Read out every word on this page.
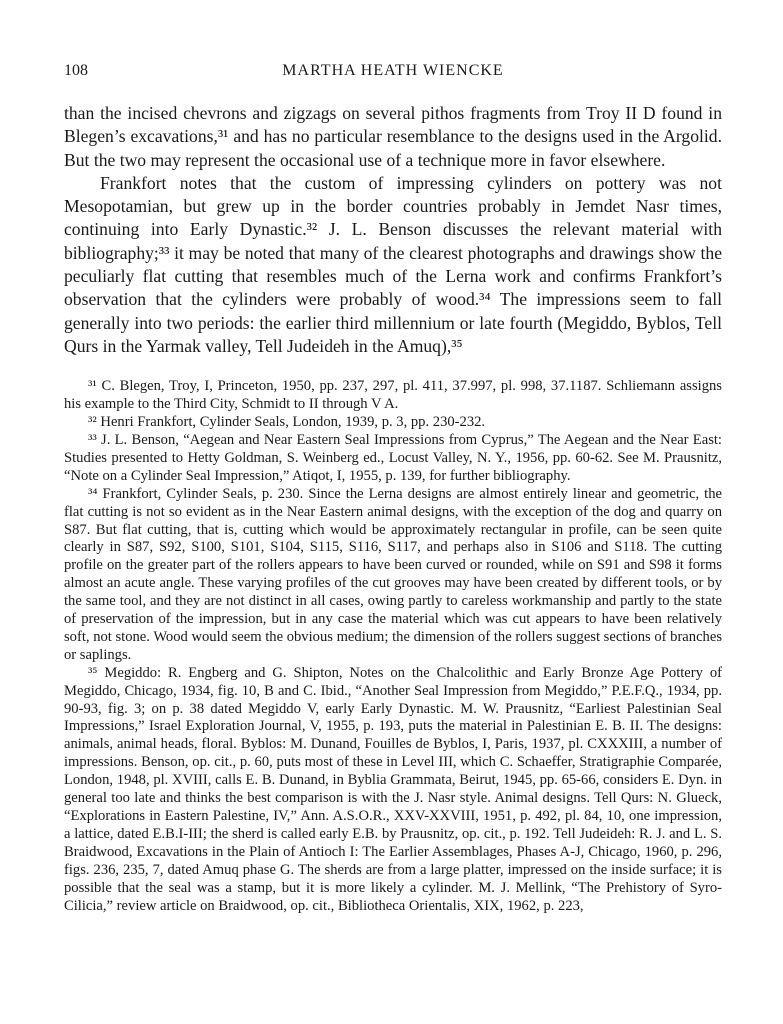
108	MARTHA HEATH WIENCKE

than the incised chevrons and zigzags on several pithos fragments from Troy II D found in Blegen’s excavations,³¹ and has no particular resemblance to the designs used in the Argolid. But the two may represent the occasional use of a technique more in favor elsewhere.

Frankfort notes that the custom of impressing cylinders on pottery was not Mesopotamian, but grew up in the border countries probably in Jemdet Nasr times, continuing into Early Dynastic.³² J. L. Benson discusses the relevant material with bibliography;³³ it may be noted that many of the clearest photographs and drawings show the peculiarly flat cutting that resembles much of the Lerna work and confirms Frankfort’s observation that the cylinders were probably of wood.³⁴ The impressions seem to fall generally into two periods: the earlier third millennium or late fourth (Megiddo, Byblos, Tell Qurs in the Yarmak valley, Tell Judeideh in the Amuq),³⁵

³¹ C. Blegen, Troy, I, Princeton, 1950, pp. 237, 297, pl. 411, 37.997, pl. 998, 37.1187. Schliemann assigns his example to the Third City, Schmidt to II through V A.

³² Henri Frankfort, Cylinder Seals, London, 1939, p. 3, pp. 230-232.

³³ J. L. Benson, “Aegean and Near Eastern Seal Impressions from Cyprus,” The Aegean and the Near East: Studies presented to Hetty Goldman, S. Weinberg ed., Locust Valley, N. Y., 1956, pp. 60-62. See M. Prausnitz, “Note on a Cylinder Seal Impression,” Atiqot, I, 1955, p. 139, for further bibliography.

³⁴ Frankfort, Cylinder Seals, p. 230. Since the Lerna designs are almost entirely linear and geometric, the flat cutting is not so evident as in the Near Eastern animal designs, with the exception of the dog and quarry on S87. But flat cutting, that is, cutting which would be approximately rectangular in profile, can be seen quite clearly in S87, S92, S100, S101, S104, S115, S116, S117, and perhaps also in S106 and S118. The cutting profile on the greater part of the rollers appears to have been curved or rounded, while on S91 and S98 it forms almost an acute angle. These varying profiles of the cut grooves may have been created by different tools, or by the same tool, and they are not distinct in all cases, owing partly to careless workmanship and partly to the state of preservation of the impression, but in any case the material which was cut appears to have been relatively soft, not stone. Wood would seem the obvious medium; the dimension of the rollers suggest sections of branches or saplings.

³⁵ Megiddo: R. Engberg and G. Shipton, Notes on the Chalcolithic and Early Bronze Age Pottery of Megiddo, Chicago, 1934, fig. 10, B and C. Ibid., “Another Seal Impression from Megiddo,” P.E.F.Q., 1934, pp. 90-93, fig. 3; on p. 38 dated Megiddo V, early Early Dynastic. M. W. Prausnitz, “Earliest Palestinian Seal Impressions,” Israel Exploration Journal, V, 1955, p. 193, puts the material in Palestinian E. B. II. The designs: animals, animal heads, floral. Byblos: M. Dunand, Fouilles de Byblos, I, Paris, 1937, pl. CXXXIII, a number of impressions. Benson, op. cit., p. 60, puts most of these in Level III, which C. Schaeffer, Stratigraphie Comparée, London, 1948, pl. XVIII, calls E. B. Dunand, in Byblia Grammata, Beirut, 1945, pp. 65-66, considers E. Dyn. in general too late and thinks the best comparison is with the J. Nasr style. Animal designs. Tell Qurs: N. Glueck, “Explorations in Eastern Palestine, IV,” Ann. A.S.O.R., XXV-XXVIII, 1951, p. 492, pl. 84, 10, one impression, a lattice, dated E.B.I-III; the sherd is called early E.B. by Prausnitz, op. cit., p. 192. Tell Judeideh: R. J. and L. S. Braidwood, Excavations in the Plain of Antioch I: The Earlier Assemblages, Phases A-J, Chicago, 1960, p. 296, figs. 236, 235, 7, dated Amuq phase G. The sherds are from a large platter, impressed on the inside surface; it is possible that the seal was a stamp, but it is more likely a cylinder. M. J. Mellink, “The Prehistory of Syro-Cilicia,” review article on Braidwood, op. cit., Bibliotheca Orientalis, XIX, 1962, p. 223,
